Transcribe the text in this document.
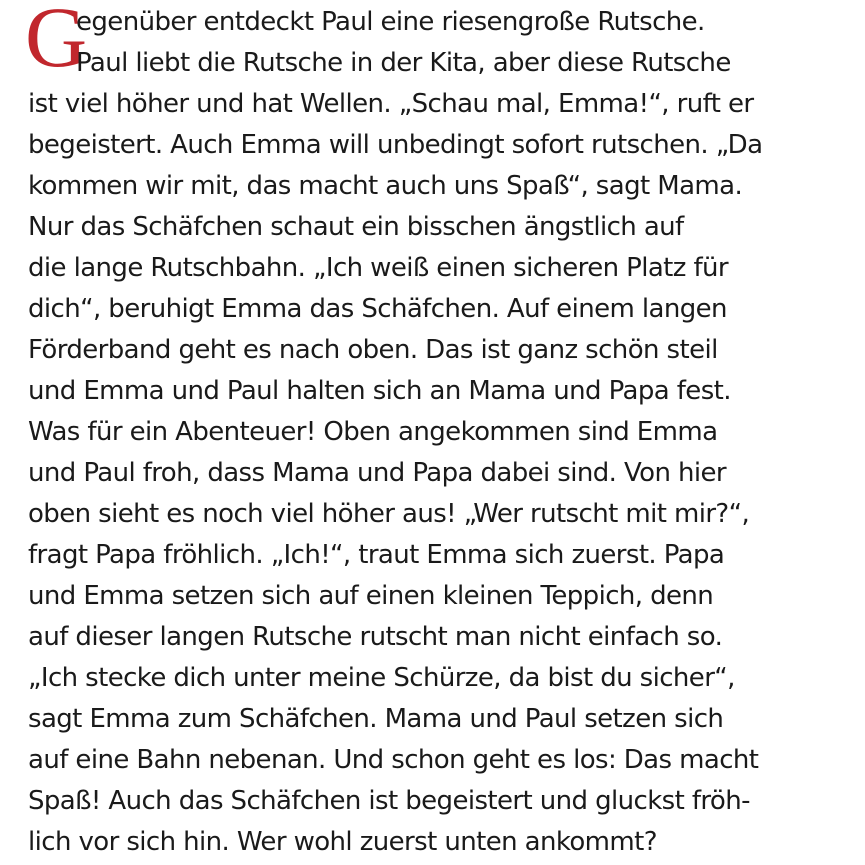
G
egenüber entdeckt Paul eine riesengroße Rutsche.
Paul liebt die Rutsche in der Kita, aber diese Rutsche
ist viel höher und hat Wellen. „Schau mal, Emma!“, ruft er
begeistert. Auch Emma will unbedingt sofort rutschen. „Da
kommen wir mit, das macht auch uns Spaß“, sagt Mama.
Nur das Schäfchen schaut ein bisschen ängstlich auf
die lange Rutschbahn. „Ich weiß einen sicheren Platz für
dich“, beruhigt Emma das Schäfchen. Auf einem langen
Förderband geht es nach oben. Das ist ganz schön steil
und Emma und Paul halten sich an Mama und Papa fest.
Was für ein Abenteuer! Oben angekommen sind Emma
und Paul froh, dass Mama und Papa dabei sind. Von hier
oben sieht es noch viel höher aus! „Wer rutscht mit mir?“,
fragt Papa fröhlich. „Ich!“, traut Emma sich zuerst. Papa
und Emma setzen sich auf einen kleinen Teppich, denn
auf dieser langen Rutsche rutscht man nicht einfach so.
„Ich stecke dich unter meine Schürze, da bist du sicher“,
sagt Emma zum Schäfchen. Mama und Paul setzen sich
auf eine Bahn nebenan. Und schon geht es los: Das macht
Spaß! Auch das Schäfchen ist begeistert und gluckst fröh-
lich vor sich hin. Wer wohl zuerst unten ankommt?
